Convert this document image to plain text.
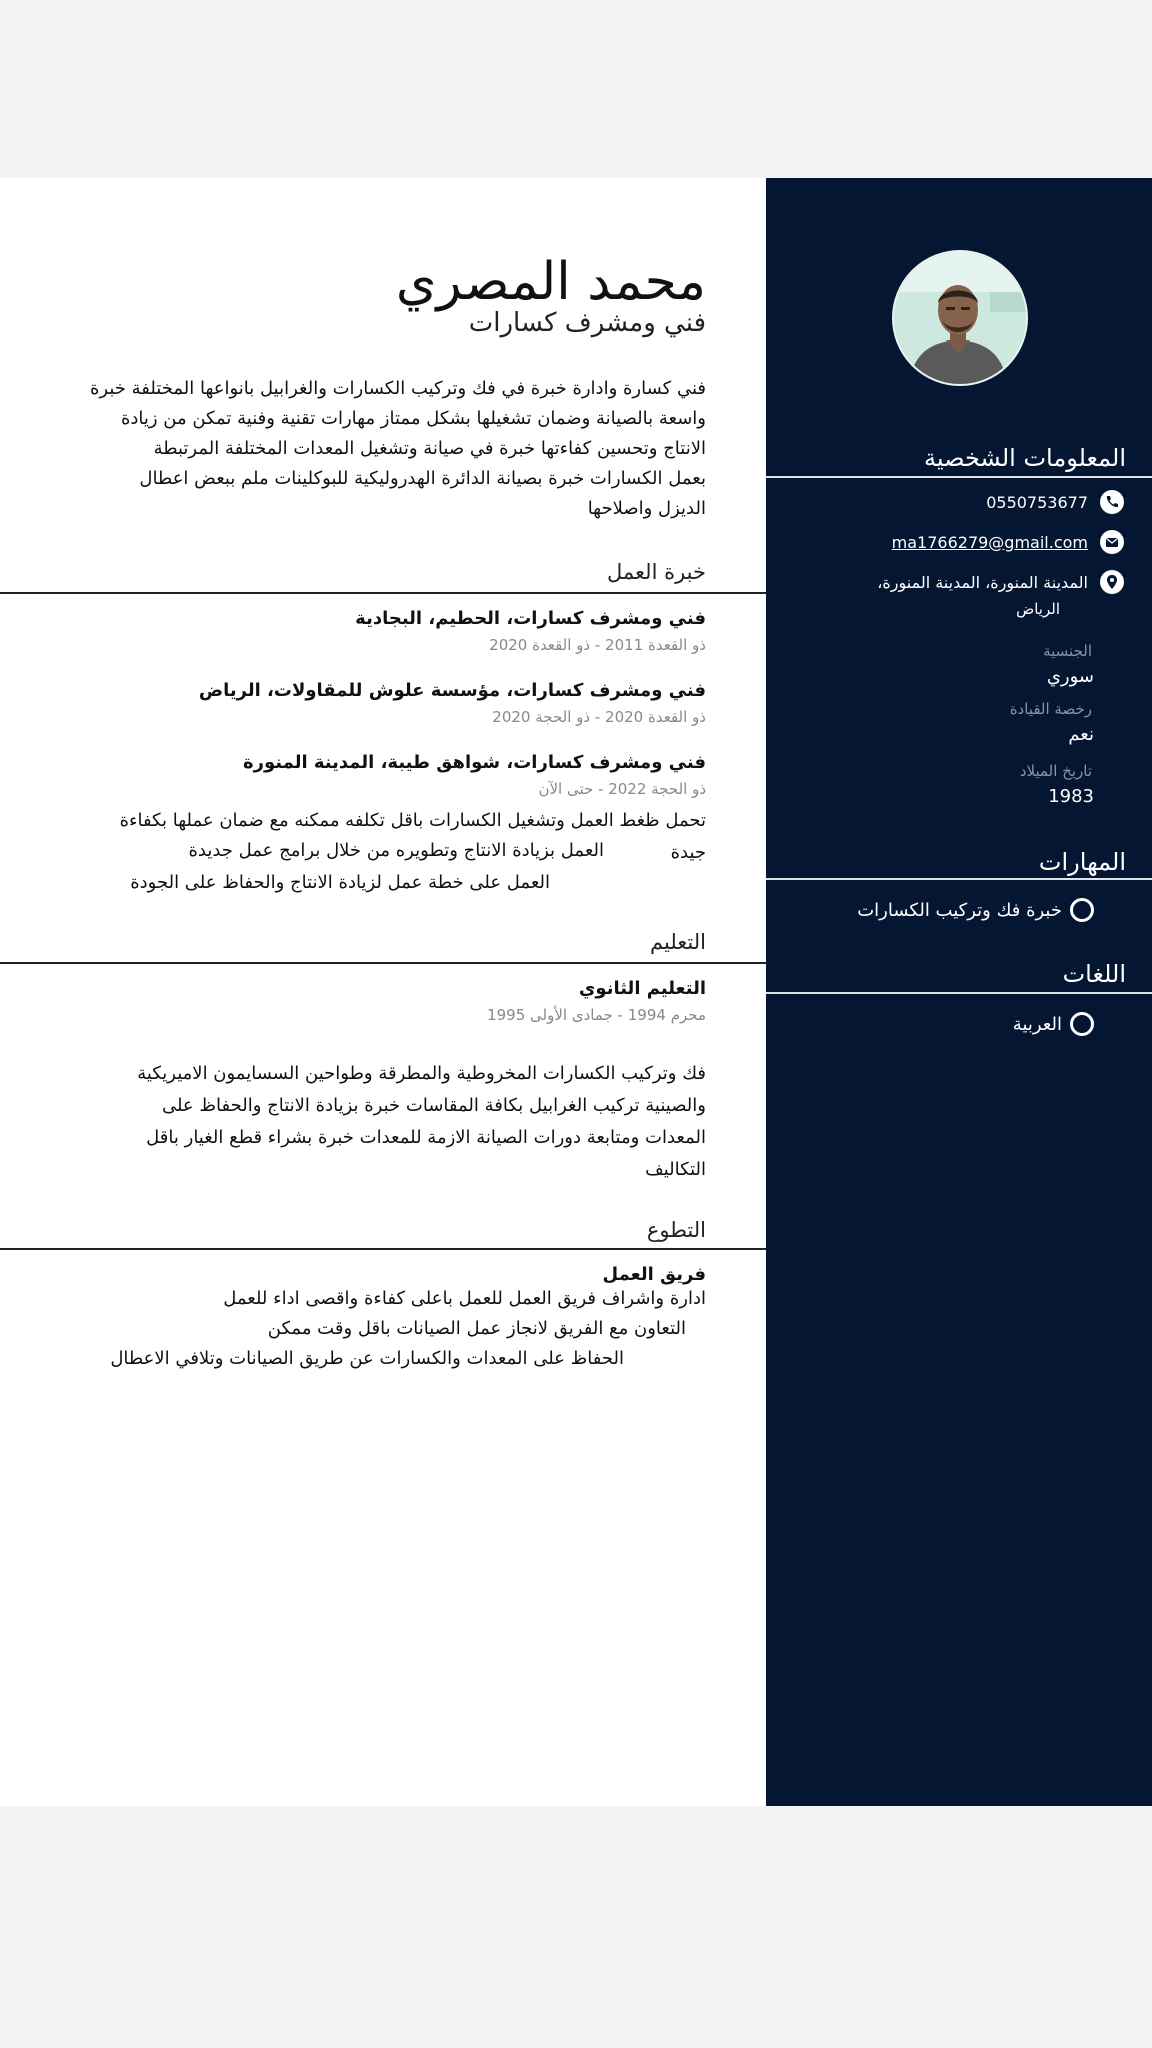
المعلومات الشخصية
0550753677
ma1766279@gmail.com
المدينة المنورة، المدينة المنورة،
الرياض
الجنسية
سوري
رخصة القيادة
نعم
تاريخ الميلاد
1983
المهارات
خبرة فك وتركيب الكسارات
اللغات
العربية
محمد المصري
فني ومشرف كسارات
فني كسارة وادارة خبرة في فك وتركيب الكسارات والغرابيل بانواعها المختلفة خبرة
واسعة بالصيانة وضمان تشغيلها بشكل ممتاز مهارات تقنية وفنية تمكن من زيادة
الانتاج وتحسين كفاءتها خبرة في صيانة وتشغيل المعدات المختلفة المرتبطة
بعمل الكسارات خبرة بصيانة الدائرة الهدروليكية للبوكلينات ملم ببعض اعطال
الديزل واصلاحها
خبرة العمل
فني ومشرف كسارات، الحطيم، البجادية
ذو القعدة 2011 - ذو القعدة 2020
فني ومشرف كسارات، مؤسسة علوش للمقاولات، الرياض
ذو القعدة 2020 - ذو الحجة 2020
فني ومشرف كسارات، شواهق طيبة، المدينة المنورة
ذو الحجة 2022 - حتى الآن
تحمل ظغط العمل وتشغيل الكسارات باقل تكلفه ممكنه مع ضمان عملها بكفاءة
جيدة
العمل بزيادة الانتاج وتطويره من خلال برامج عمل جديدة
العمل على خطة عمل لزيادة الانتاج والحفاظ على الجودة
التعليم
التعليم الثانوي
محرم 1994 - جمادى الأولى 1995
فك وتركيب الكسارات المخروطية والمطرقة وطواحين السسايمون الاميريكية
والصينية تركيب الغرابيل بكافة المقاسات خبرة بزيادة الانتاج والحفاظ على
المعدات ومتابعة دورات الصيانة الازمة للمعدات خبرة بشراء قطع الغيار باقل
التكاليف
التطوع
فريق العمل
ادارة واشراف فريق العمل للعمل باعلى كفاءة واقصى اداء للعمل
التعاون مع الفريق لانجاز عمل الصيانات باقل وقت ممكن
الحفاظ على المعدات والكسارات عن طريق الصيانات وتلافي الاعطال
